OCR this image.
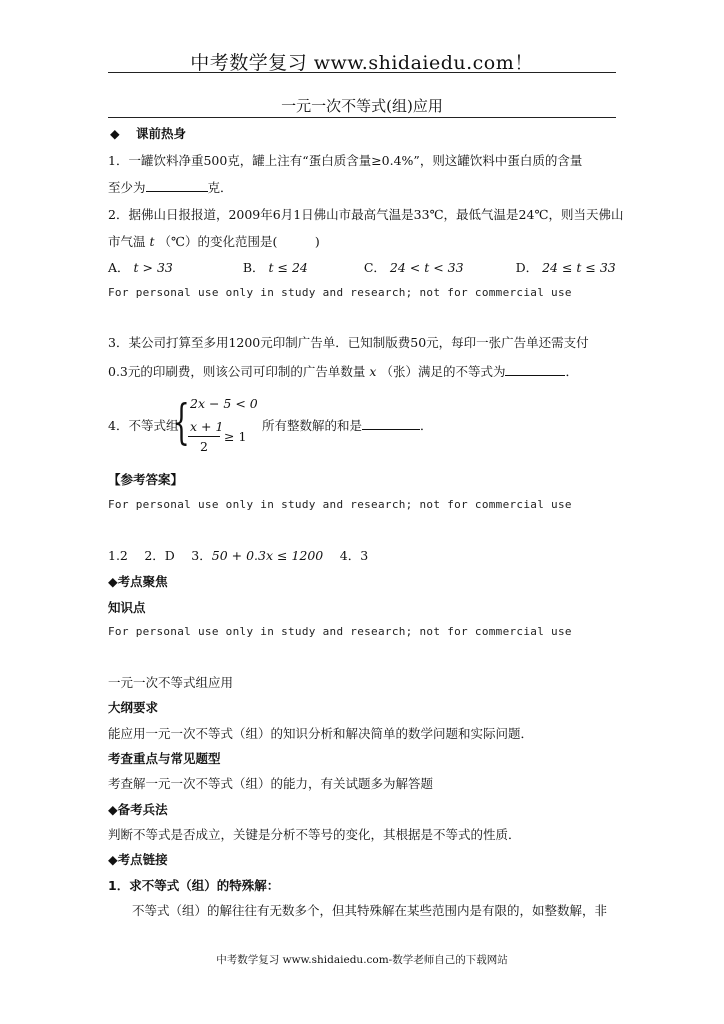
中考数学复习 www.shidaiedu.com！
一元一次不等式(组)应用
◆ 课前热身
1．一罐饮料净重500克，罐上注有“蛋白质含量≥0.4%”，则这罐饮料中蛋白质的含量
至少为	克．
2．据佛山日报报道，2009年6月1日佛山市最高气温是33℃，最低气温是24℃，则当天佛山
市气温 t （℃）的变化范围是(　　　)
A． t > 33	B． t ≤ 24	C． 24 < t < 33	D． 24 ≤ t ≤ 33
For personal use only in study and research; not for commercial use
3．某公司打算至多用1200元印制广告单．已知制版费50元，每印一张广告单还需支付
0.3元的印刷费，则该公司可印制的广告单数量 x （张）满足的不等式为	．
4．不等式组
{ 2x − 5 < 0
x + 1
2
≥ 1
所有整数解的和是	．
【参考答案】
For personal use only in study and research; not for commercial use
1.2　 2．D　 3．50 + 0.3x ≤ 1200　 4．3
◆考点聚焦
知识点
For personal use only in study and research; not for commercial use
一元一次不等式组应用
大纲要求
能应用一元一次不等式（组）的知识分析和解决简单的数学问题和实际问题．
考查重点与常见题型
考查解一元一次不等式（组）的能力，有关试题多为解答题
◆备考兵法
判断不等式是否成立，关键是分析不等号的变化，其根据是不等式的性质．
◆考点链接
1．求不等式（组）的特殊解：
不等式（组）的解往往有无数多个，但其特殊解在某些范围内是有限的，如整数解，非
中考数学复习 www.shidaiedu.com-数学老师自己的下载网站
